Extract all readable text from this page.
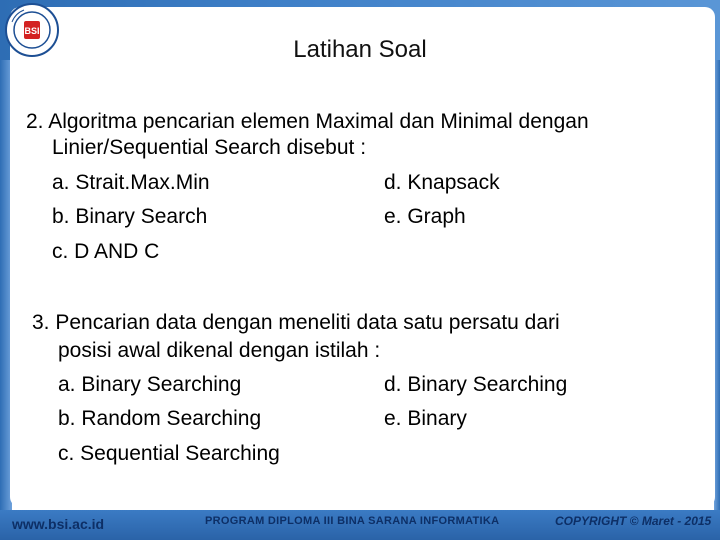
BSI
Latihan Soal
2. Algoritma pencarian elemen Maximal dan Minimal dengan
Linier/Sequential Search disebut :
a. Strait.Max.Min	d. Knapsack
b. Binary Search	e. Graph
c. D AND C
3. Pencarian data dengan meneliti data satu persatu dari
posisi awal dikenal dengan istilah :
a. Binary Searching	d. Binary Searching
b. Random Searching	e. Binary
c. Sequential Searching
www.bsi.ac.id	PROGRAM DIPLOMA III BINA SARANA INFORMATIKA	COPYRIGHT © Maret - 2015
